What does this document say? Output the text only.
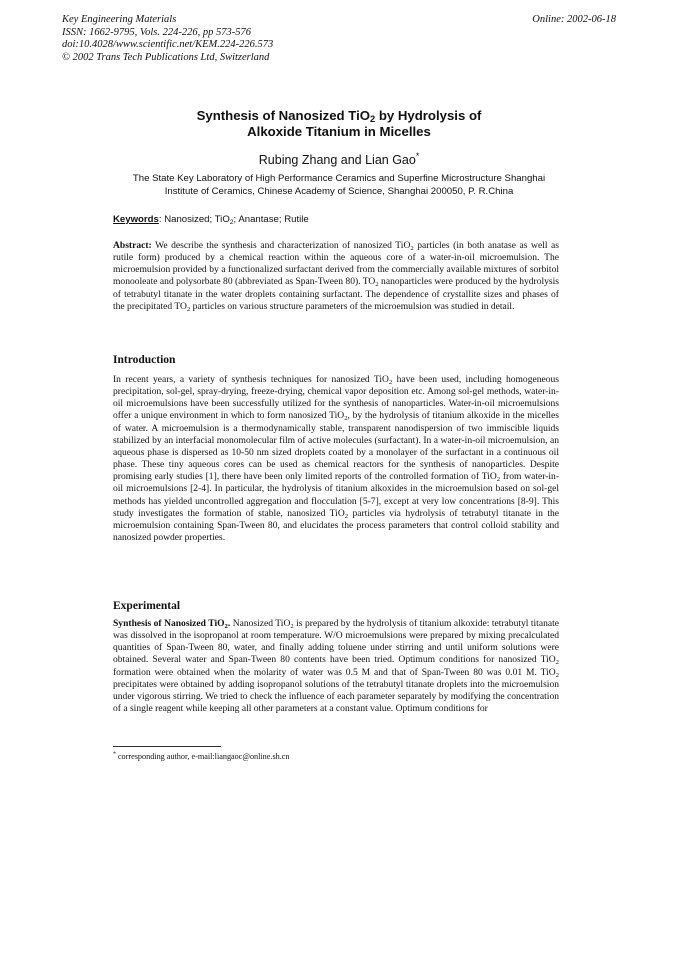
Key Engineering Materials
ISSN: 1662-9795, Vols. 224-226, pp 573-576
doi:10.4028/www.scientific.net/KEM.224-226.573
© 2002 Trans Tech Publications Ltd, Switzerland
Online: 2002-06-18
Synthesis of Nanosized TiO$_2$ by Hydrolysis of
Alkoxide Titanium in Micelles
Rubing Zhang and Lian Gao*
The State Key Laboratory of High Performance Ceramics and Superfine Microstructure Shanghai
Institute of Ceramics, Chinese Academy of Science, Shanghai 200050, P. R.China
Keywords: Nanosized; TiO$_2$; Anantase; Rutile
Abstract: We describe the synthesis and characterization of nanosized TiO$_2$ particles (in both anatase as well as rutile form) produced by a chemical reaction within the aqueous core of a water-in-oil microemulsion. The microemulsion provided by a functionalized surfactant derived from the commercially available mixtures of sorbitol monooleate and polysorbate 80 (abbreviated as Span-Tween 80). $TO_2$ nanoparticles were produced by the hydrolysis of tetrabutyl titanate in the water droplets containing surfactant. The dependence of crystallite sizes and phases of the precipitated $TO_2$ particles on various structure parameters of the microemulsion was studied in detail.
Introduction
In recent years, a variety of synthesis techniques for nanosized TiO$_2$ have been used, including homogeneous precipitation, sol-gel, spray-drying, freeze-drying, chemical vapor deposition etc. Among sol-gel methods, water-in-oil microemulsions have been successfully utilized for the synthesis of nanoparticles. Water-in-oil microemulsions offer a unique environment in which to form nanosized TiO$_2$, by the hydrolysis of titanium alkoxide in the micelles of water. A microemulsion is a thermodynamically stable, transparent nanodispersion of two immiscible liquids stabilized by an interfacial monomolecular film of active molecules (surfactant). In a water-in-oil microemulsion, an aqueous phase is dispersed as 10-50 nm sized droplets coated by a monolayer of the surfactant in a continuous oil phase. These tiny aqueous cores can be used as chemical reactors for the synthesis of nanoparticles. Despite promising early studies [1], there have been only limited reports of the controlled formation of TiO$_2$ from water-in-oil microemulsions [2-4]. In particular, the hydrolysis of titanium alkoxides in the microemulsion based on sol-gel methods has yielded uncontrolled aggregation and flocculation [5-7], except at very low concentrations [8-9]. This study investigates the formation of stable, nanosized TiO$_2$ particles via hydrolysis of tetrabutyl titanate in the microemulsion containing Span-Tween 80, and elucidates the process parameters that control colloid stability and nanosized powder properties.
Experimental
Synthesis of Nanosized TiO$_2$. Nanosized TiO$_2$ is prepared by the hydrolysis of titanium alkoxide: tetrabutyl titanate was dissolved in the isopropanol at room temperature. W/O microemulsions were prepared by mixing precalculated quantities of Span-Tween 80, water, and finally adding toluene under stirring and until uniform solutions were obtained. Several water and Span-Tween 80 contents have been tried. Optimum conditions for nanosized TiO$_2$ formation were obtained when the molarity of water was 0.5 M and that of Span-Tween 80 was 0.01 M. TiO$_2$ precipitates were obtained by adding isopropanol solutions of the tetrabutyl titanate droplets into the microemulsion under vigorous stirring. We tried to check the influence of each parameter separately by modifying the concentration of a single reagent while keeping all other parameters at a constant value. Optimum conditions for
* corresponding author, e-mail:liangaoc@online.sh.cn
